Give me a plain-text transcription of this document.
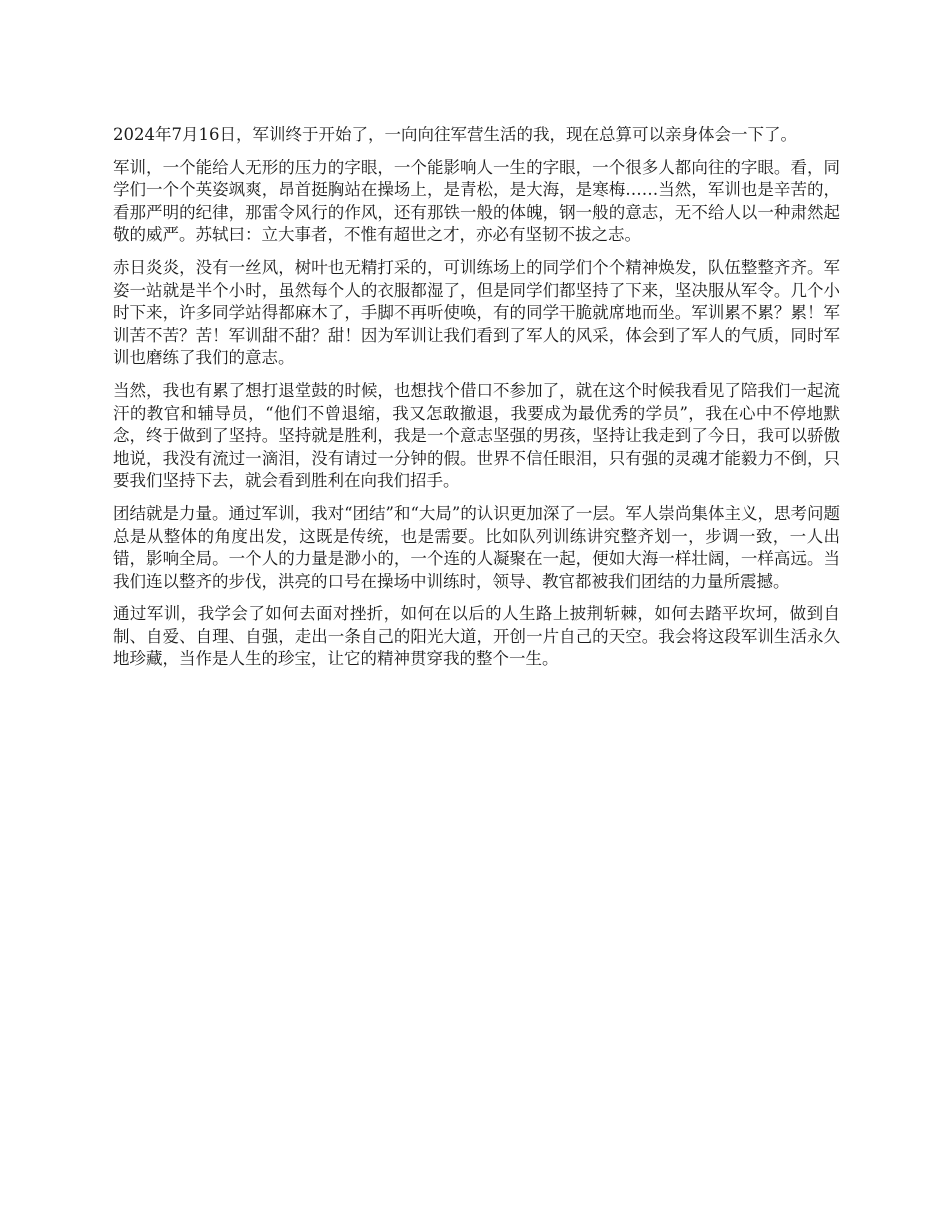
2024年7月16日，军训终于开始了，一向向往军营生活的我，现在总算可以亲身体会一下了。

军训，一个能给人无形的压力的字眼，一个能影响人一生的字眼，一个很多人都向往的字眼。看，同学们一个个英姿飒爽，昂首挺胸站在操场上，是青松，是大海，是寒梅……当然，军训也是辛苦的，看那严明的纪律，那雷令风行的作风，还有那铁一般的体魄，钢一般的意志，无不给人以一种肃然起敬的威严。苏轼曰：立大事者，不惟有超世之才，亦必有坚韧不拔之志。

赤日炎炎，没有一丝风，树叶也无精打采的，可训练场上的同学们个个精神焕发，队伍整整齐齐。军姿一站就是半个小时，虽然每个人的衣服都湿了，但是同学们都坚持了下来，坚决服从军令。几个小时下来，许多同学站得都麻木了，手脚不再听使唤，有的同学干脆就席地而坐。军训累不累？累！军训苦不苦？苦！军训甜不甜？甜！因为军训让我们看到了军人的风采，体会到了军人的气质，同时军训也磨练了我们的意志。

当然，我也有累了想打退堂鼓的时候，也想找个借口不参加了，就在这个时候我看见了陪我们一起流汗的教官和辅导员，“他们不曾退缩，我又怎敢撤退，我要成为最优秀的学员”，我在心中不停地默念，终于做到了坚持。坚持就是胜利，我是一个意志坚强的男孩，坚持让我走到了今日，我可以骄傲地说，我没有流过一滴泪，没有请过一分钟的假。世界不信任眼泪，只有强的灵魂才能毅力不倒，只要我们坚持下去，就会看到胜利在向我们招手。

团结就是力量。通过军训，我对“团结”和“大局”的认识更加深了一层。军人崇尚集体主义，思考问题总是从整体的角度出发，这既是传统，也是需要。比如队列训练讲究整齐划一，步调一致，一人出错，影响全局。一个人的力量是渺小的，一个连的人凝聚在一起，便如大海一样壮阔，一样高远。当我们连以整齐的步伐，洪亮的口号在操场中训练时，领导、教官都被我们团结的力量所震撼。

通过军训，我学会了如何去面对挫折，如何在以后的人生路上披荆斩棘，如何去踏平坎坷，做到自制、自爱、自理、自强，走出一条自己的阳光大道，开创一片自己的天空。我会将这段军训生活永久地珍藏，当作是人生的珍宝，让它的精神贯穿我的整个一生。
